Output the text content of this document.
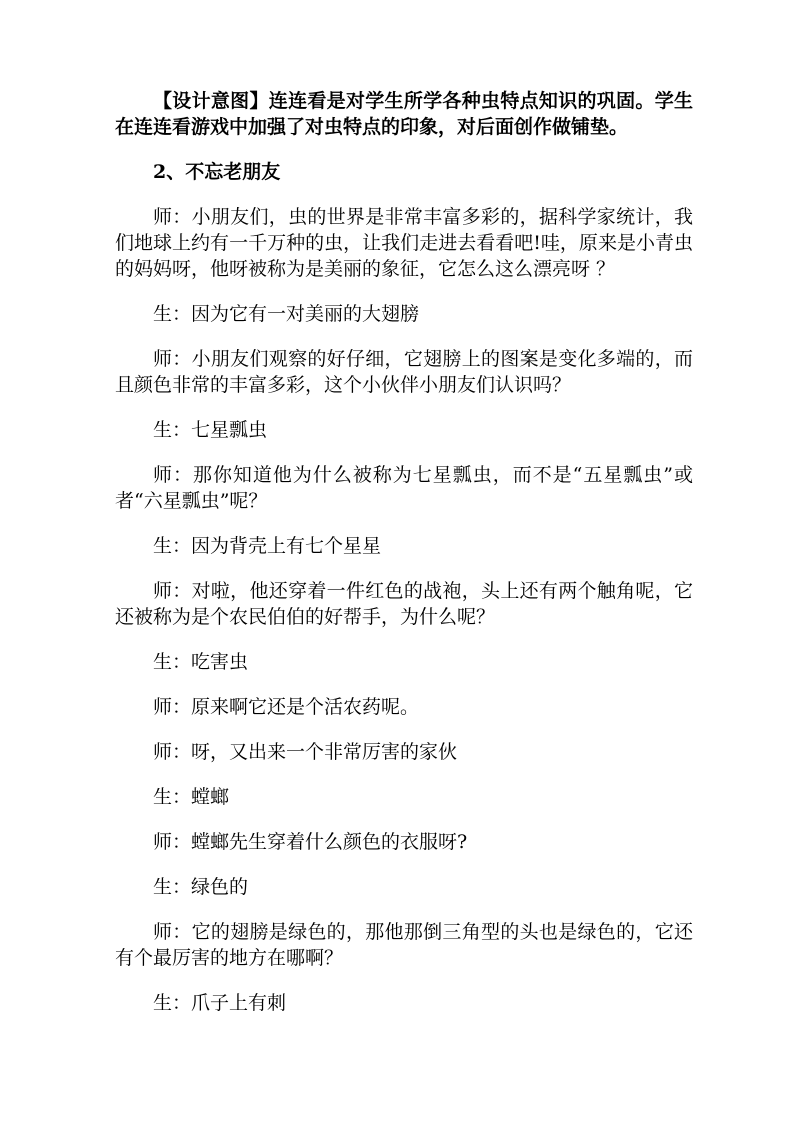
【设计意图】连连看是对学生所学各种虫特点知识的巩固。学生在连连看游戏中加强了对虫特点的印象，对后面创作做铺垫。

2、不忘老朋友

师：小朋友们，虫的世界是非常丰富多彩的，据科学家统计，我们地球上约有一千万种的虫，让我们走进去看看吧!哇，原来是小青虫的妈妈呀，他呀被称为是美丽的象征，它怎么这么漂亮呀 ？

生：因为它有一对美丽的大翅膀

师：小朋友们观察的好仔细，它翅膀上的图案是变化多端的，而且颜色非常的丰富多彩，这个小伙伴小朋友们认识吗？

生：七星瓢虫

师：那你知道他为什么被称为七星瓢虫，而不是“五星瓢虫”或者“六星瓢虫”呢？

生：因为背壳上有七个星星

师：对啦，他还穿着一件红色的战袍，头上还有两个触角呢，它还被称为是个农民伯伯的好帮手，为什么呢？

生：吃害虫

师：原来啊它还是个活农药呢。

师：呀，又出来一个非常厉害的家伙

生：螳螂

师：螳螂先生穿着什么颜色的衣服呀?

生：绿色的

师：它的翅膀是绿色的，那他那倒三角型的头也是绿色的，它还有个最厉害的地方在哪啊？

生：爪子上有刺
